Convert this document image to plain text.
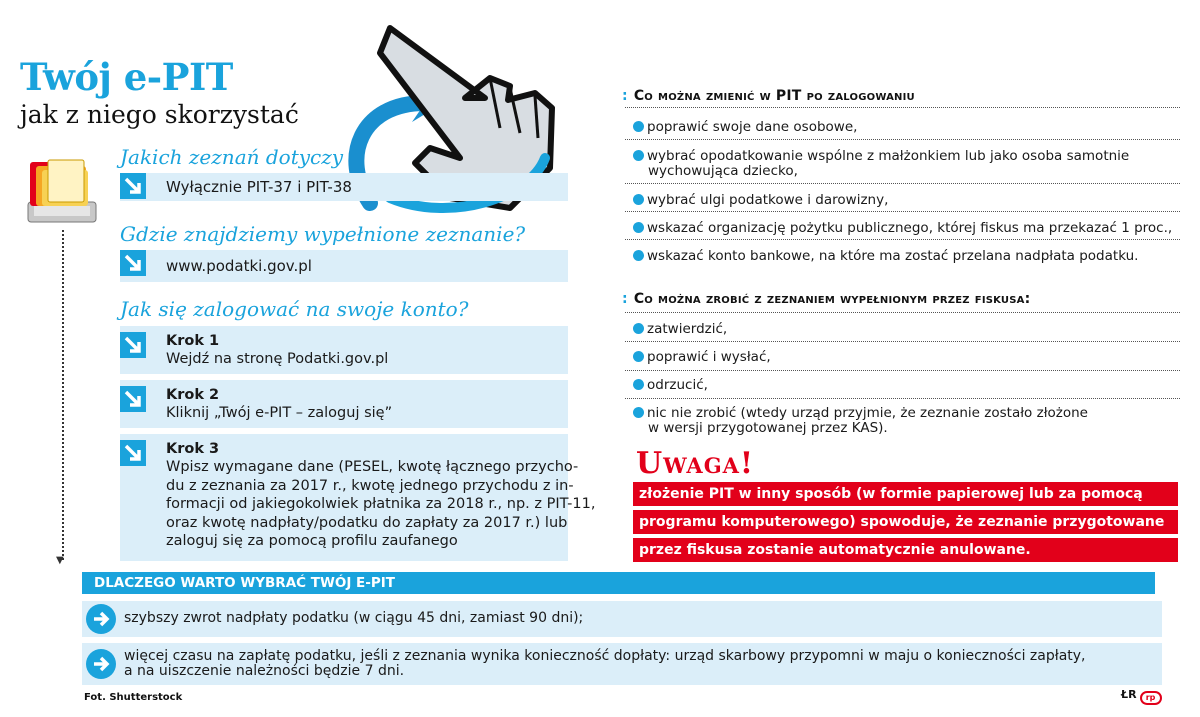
Twój e-PIT
jak z niego skorzystać
▼
Jakich zeznań dotyczy
Wyłącznie PIT-37 i PIT-38
Gdzie znajdziemy wypełnione zeznanie?
www.podatki.gov.pl
Jak się zalogować na swoje konto?
Krok 1
Wejdź na stronę Podatki.gov.pl
Krok 2
Kliknij „Twój e-PIT – zaloguj się”
Krok 3
Wpisz wymagane dane (PESEL, kwotę łącznego przycho-
du z zeznania za 2017 r., kwotę jednego przychodu z in-
formacji od jakiegokolwiek płatnika za 2018 r., np. z PIT-11,
oraz kwotę nadpłaty/podatku do zapłaty za 2017 r.) lub
zaloguj się za pomocą profilu zaufanego
: Co można zmienić w PIT po zalogowaniu
poprawić swoje dane osobowe,
wybrać opodatkowanie wspólne z małżonkiem lub jako osoba samotnie
wychowująca dziecko,
wybrać ulgi podatkowe i darowizny,
wskazać organizację pożytku publicznego, której fiskus ma przekazać 1 proc.,
wskazać konto bankowe, na które ma zostać przelana nadpłata podatku.
: Co można zrobić z zeznaniem wypełnionym przez fiskusa:
zatwierdzić,
poprawić i wysłać,
odrzucić,
nic nie zrobić (wtedy urząd przyjmie, że zeznanie zostało złożone
w wersji przygotowanej przez KAS).
Uwaga!
złożenie PIT w inny sposób (w formie papierowej lub za pomocą
programu komputerowego) spowoduje, że zeznanie przygotowane
przez fiskusa zostanie automatycznie anulowane.
DLACZEGO WARTO WYBRAĆ TWÓJ E-PIT
szybszy zwrot nadpłaty podatku (w ciągu 45 dni, zamiast 90 dni);
więcej czasu na zapłatę podatku, jeśli z zeznania wynika konieczność dopłaty: urząd skarbowy przypomni w maju o konieczności zapłaty,
a na uiszczenie należności będzie 7 dni.
Fot. Shutterstock	ŁR rp
